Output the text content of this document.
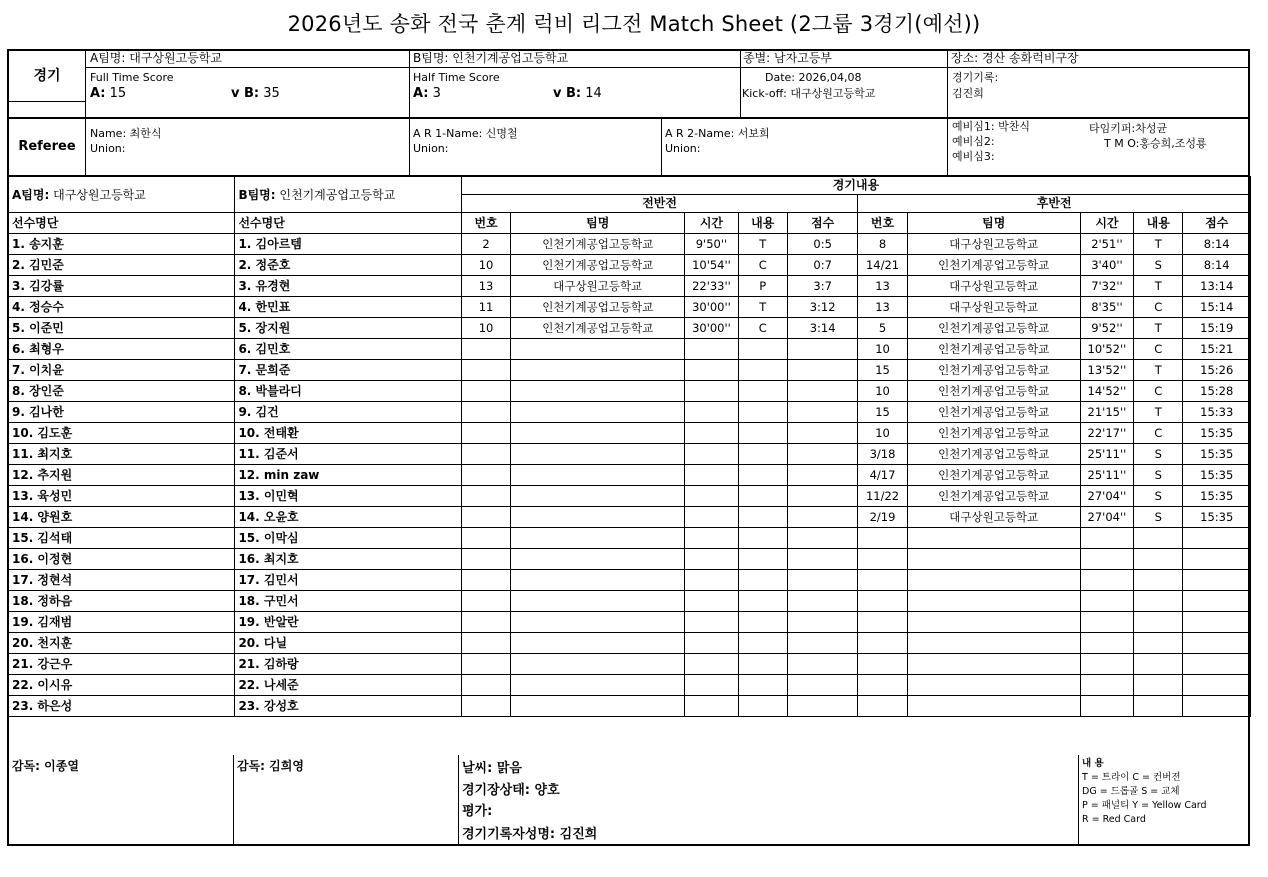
2026년도 송화 전국 춘계 럭비 리그전 Match Sheet (2그룹 3경기(예선))
경기
A팀명: 대구상원고등학교	B팀명: 인천기계공업고등학교	종별: 남자고등부	장소: 경산 송화럭비구장
Full Time Score
A: 15	v B: 35
Half Time Score
A: 3	v B: 14
Date: 2026,04,08
Kick-off: 대구상원고등학교
경기기록:
김진희
Referee
Name: 최한식
Union:
A R 1-Name: 신명철
Union:
A R 2-Name: 서보희
Union:
예비심1: 박찬식
예비심2:
예비심3:
타임키퍼:차성균
T M O:홍승희,조성룡
A팀명: 대구상원고등학교	B팀명: 인천기계공업고등학교	경기내용									
		전반전					후반전				
선수명단	선수명단	번호	팀명	시간	내용	점수	번호	팀명	시간	내용	점수
1. 송지훈	1. 김아르템	2	인천기계공업고등학교	9'50''	T	0:5	8	대구상원고등학교	2'51''	T	8:14
2. 김민준	2. 정준호	10	인천기계공업고등학교	10'54''	C	0:7	14/21	인천기계공업고등학교	3'40''	S	8:14
3. 김강률	3. 유경현	13	대구상원고등학교	22'33''	P	3:7	13	대구상원고등학교	7'32''	T	13:14
4. 정승수	4. 한민표	11	인천기계공업고등학교	30'00''	T	3:12	13	대구상원고등학교	8'35''	C	15:14
5. 이준민	5. 장지원	10	인천기계공업고등학교	30'00''	C	3:14	5	인천기계공업고등학교	9'52''	T	15:19
6. 최형우	6. 김민호						10	인천기계공업고등학교	10'52''	C	15:21
7. 이치윤	7. 문희준						15	인천기계공업고등학교	13'52''	T	15:26
8. 장인준	8. 박블라디						10	인천기계공업고등학교	14'52''	C	15:28
9. 김나한	9. 김건						15	인천기계공업고등학교	21'15''	T	15:33
10. 김도훈	10. 전태환						10	인천기계공업고등학교	22'17''	C	15:35
11. 최지호	11. 김준서						3/18	인천기계공업고등학교	25'11''	S	15:35
12. 추지원	12. min zaw						4/17	인천기계공업고등학교	25'11''	S	15:35
13. 육성민	13. 이민혁						11/22	인천기계공업고등학교	27'04''	S	15:35
14. 양원호	14. 오윤호						2/19	대구상원고등학교	27'04''	S	15:35
15. 김석태	15. 이막심										
16. 이정현	16. 최지호										
17. 정현석	17. 김민서										
18. 정하음	18. 구민서										
19. 김재범	19. 반알란										
20. 천지훈	20. 다닐										
21. 강근우	21. 김하랑										
22. 이시유	22. 나세준										
23. 하은성	23. 강성호										
감독: 이종열	감독: 김희영	날씨: 맑음
경기장상태: 양호
평가:
경기기록자성명: 김진희
내 용
T = 트라이 C = 컨버젼
DG = 드롭골 S = 교체
P = 패널티 Y = Yellow Card
R = Red Card
